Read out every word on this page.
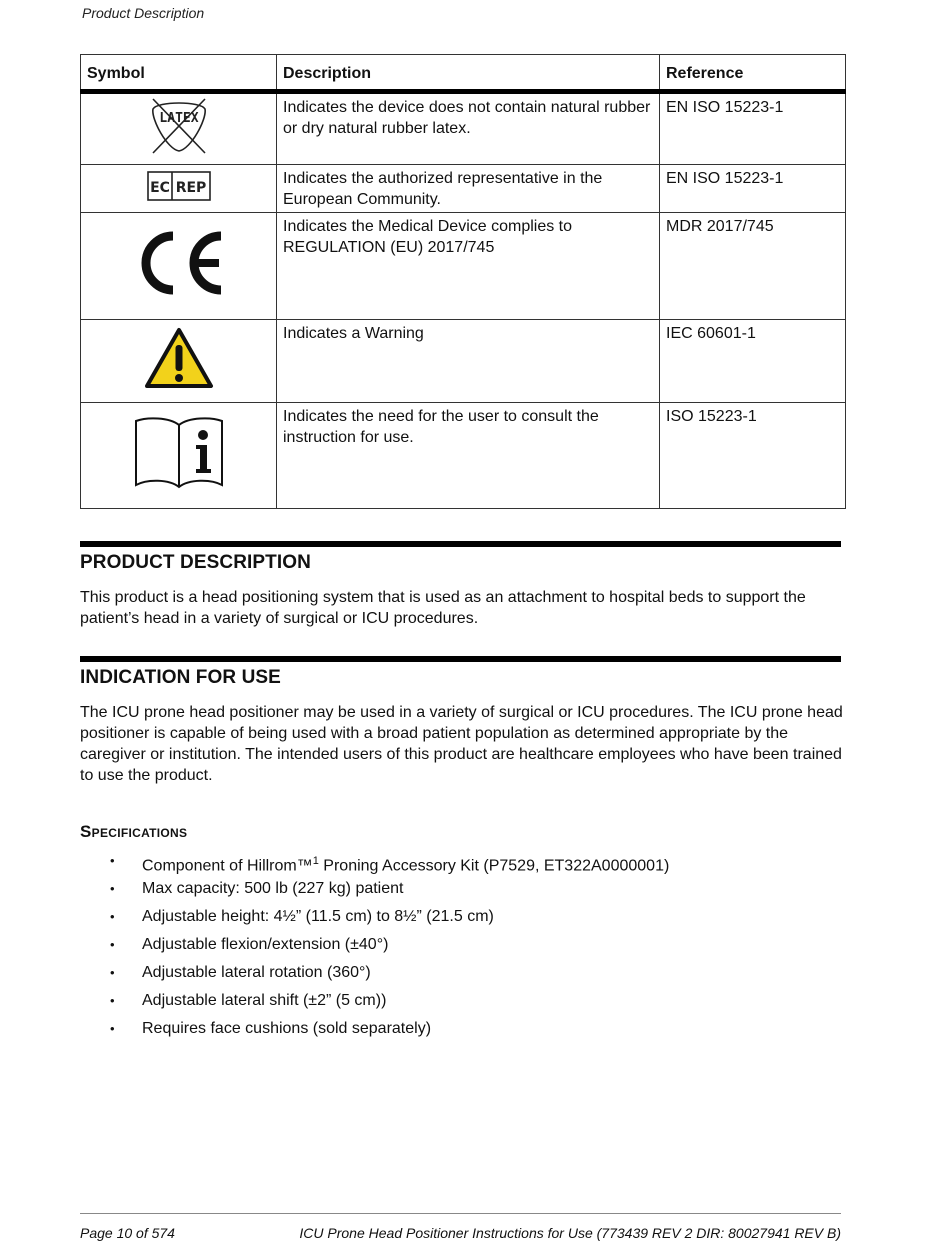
Product Description
Symbol	Description	Reference

LATEX	Indicates the device does not contain natural rubber or dry natural rubber latex.	EN ISO 15223-1

EC REP	Indicates the authorized representative in the European Community.	EN ISO 15223-1
	Indicates the Medical Device complies to REGULATION (EU) 2017/745	MDR 2017/745
	Indicates a Warning	IEC 60601-1
	Indicates the need for the user to consult the instruction for use.	ISO 15223-1
PRODUCT DESCRIPTION

This product is a head positioning system that is used as an attachment to hospital beds to support the patient’s head in a variety of surgical or ICU procedures.

INDICATION FOR USE

The ICU prone head positioner may be used in a variety of surgical or ICU procedures. The ICU prone head positioner is capable of being used with a broad patient population as determined appropriate by the caregiver or institution. The intended users of this product are healthcare employees who have been trained to use the product.

Specifications
• Component of Hillrom™$^1$ Proning Accessory Kit (P7529, ET322A0000001)
• Max capacity: 500 lb (227 kg) patient
• Adjustable height: 4½” (11.5 cm) to 8½” (21.5 cm)
• Adjustable flexion/extension (±40°)
• Adjustable lateral rotation (360°)
• Adjustable lateral shift (±2” (5 cm))
• Requires face cushions (sold separately)
Page 10 of 574	ICU Prone Head Positioner Instructions for Use (773439 REV 2 DIR: 80027941 REV B)
